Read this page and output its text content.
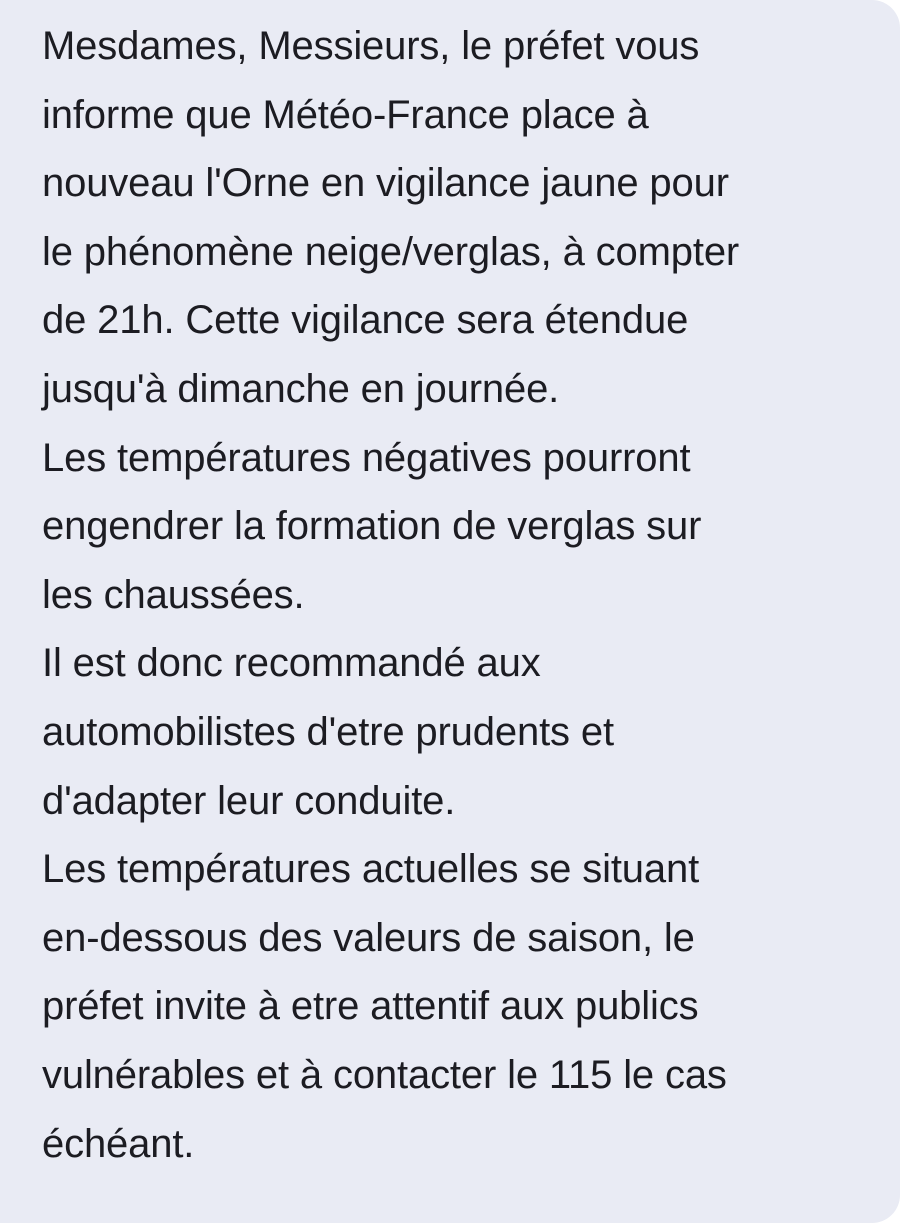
Mesdames, Messieurs, le préfet vous
informe que Météo-France place à
nouveau l'Orne en vigilance jaune pour
le phénomène neige/verglas, à compter
de 21h. Cette vigilance sera étendue
jusqu'à dimanche en journée.
Les températures négatives pourront
engendrer la formation de verglas sur
les chaussées.
Il est donc recommandé aux
automobilistes d'etre prudents et
d'adapter leur conduite.
Les températures actuelles se situant
en-dessous des valeurs de saison, le
préfet invite à etre attentif aux publics
vulnérables et à contacter le 115 le cas
échéant.
